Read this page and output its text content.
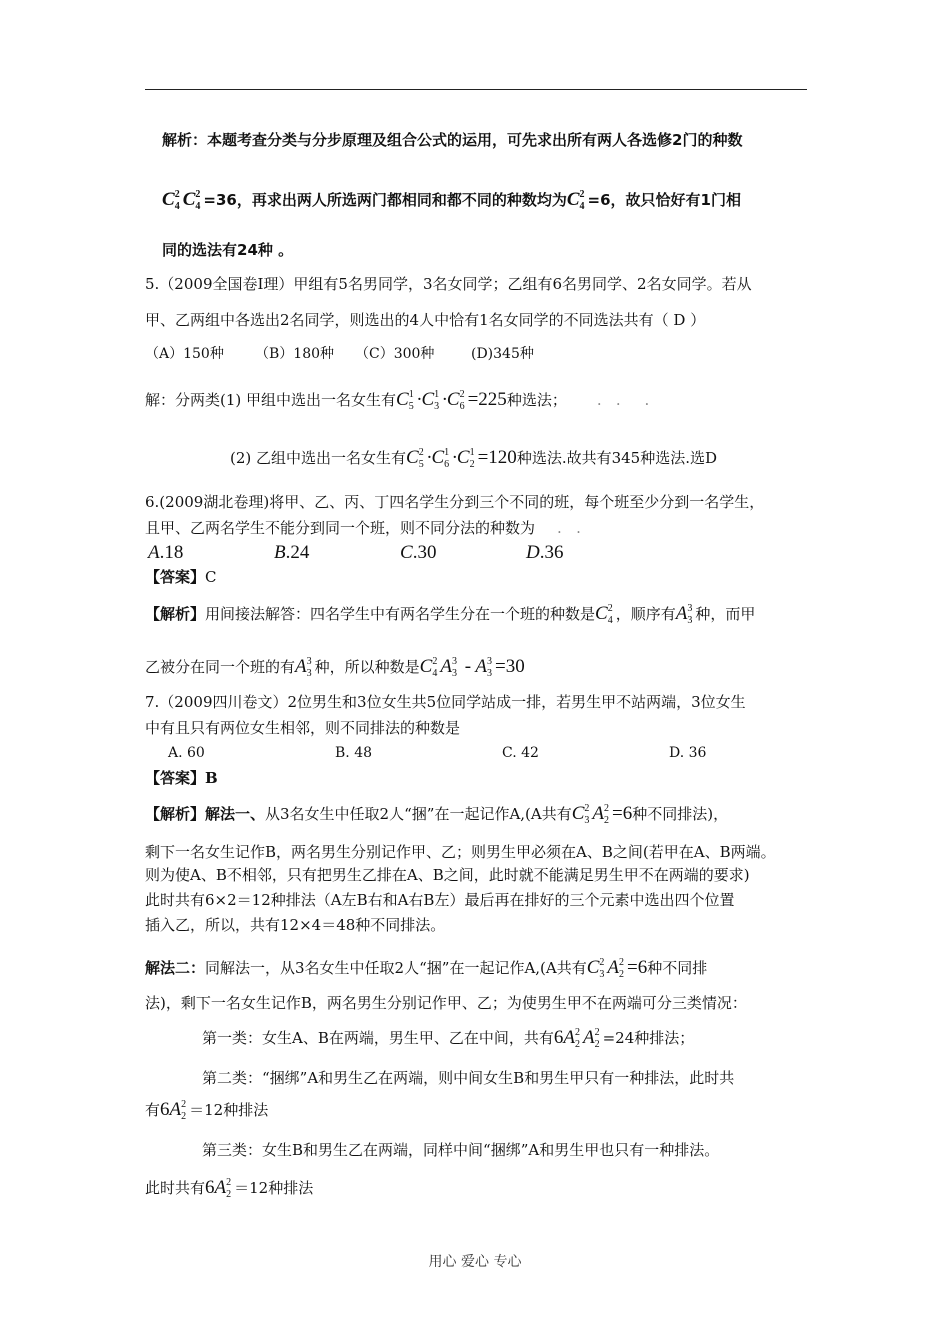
解析：本题考查分类与分步原理及组合公式的运用，可先求出所有两人各选修2门的种数
C 2
4 C 2
4 =36，再求出两人所选两门都相同和都不同的种数均为C 2
4 =6，故只恰好有1门相
同的选法有24种 。
5.（2009全国卷Ⅰ理）甲组有5名男同学，3名女同学；乙组有6名男同学、2名女同学。若从
甲、乙两组中各选出2名同学，则选出的4人中恰有1名女同学的不同选法共有（ D ）
（A）150种 （B）180种 （C）300种	(D)345种
解：分两类(1) 甲组中选出一名女生有C 1
5 ·C 1
3 ·C 2
6 =225种选法； .   .     .
(2) 乙组中选出一名女生有C 2
5 ·C 1
6 ·C 1
2 =120种选法.故共有345种选法.选D
6.(2009湖北卷理)将甲、乙、丙、丁四名学生分到三个不同的班，每个班至少分到一名学生，
且甲、乙两名学生不能分到同一个班，则不同分法的种数为 .   .
A.18	B.24	C.30	D.36
【答案】C
【解析】用间接法解答：四名学生中有两名学生分在一个班的种数是C 2
4 ，顺序有A 3
3 种，而甲
乙被分在同一个班的有A 3
3 种，所以种数是C 2
4 A 3
3 - A 3
3 =30
7.（2009四川卷文）2位男生和3位女生共5位同学站成一排，若男生甲不站两端，3位女生
中有且只有两位女生相邻，则不同排法的种数是
A. 60	B. 48	C. 42	D. 36
【答案】B
【解析】解法一、从3名女生中任取2人“捆”在一起记作A,(A共有C 2
3 A 2
2 =6种不同排法)，
剩下一名女生记作B，两名男生分别记作甲、乙；则男生甲必须在A、B之间(若甲在A、B两端。
则为使A、B不相邻，只有把男生乙排在A、B之间，此时就不能满足男生甲不在两端的要求)
此时共有6×2＝12种排法（A左B右和A右B左）最后再在排好的三个元素中选出四个位置
插入乙，所以，共有12×4＝48种不同排法。
解法二：同解法一，从3名女生中任取2人“捆”在一起记作A,(A共有C 2
3 A 2
2 =6种不同排
法)，剩下一名女生记作B，两名男生分别记作甲、乙；为使男生甲不在两端可分三类情况：
第一类：女生A、B在两端，男生甲、乙在中间，共有6A 2
2 A 2
2 =24种排法；
第二类：“捆绑”A和男生乙在两端，则中间女生B和男生甲只有一种排法，此时共
有6A 2
2 ＝12种排法
第三类：女生B和男生乙在两端，同样中间“捆绑”A和男生甲也只有一种排法。
此时共有6A 2
2 ＝12种排法
用心 爱心 专心
